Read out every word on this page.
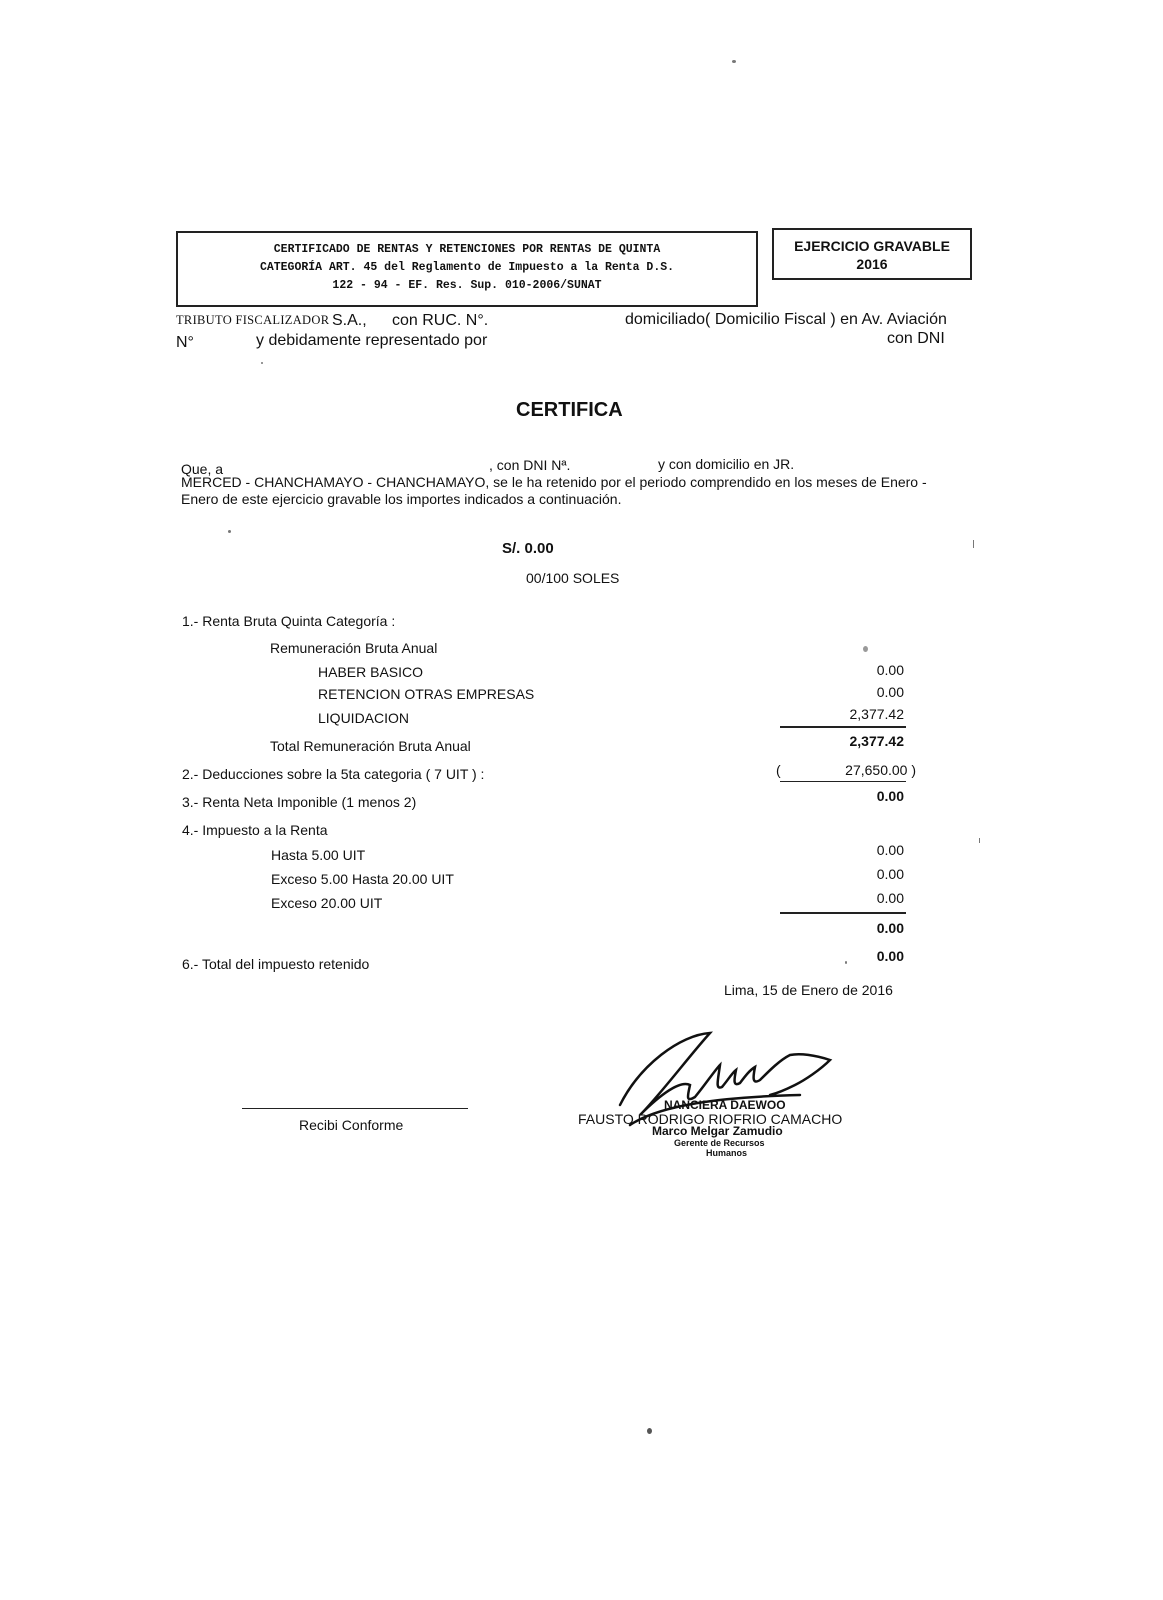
CERTIFICADO DE RENTAS Y RETENCIONES POR RENTAS DE QUINTA
CATEGORÍA ART. 45 del Reglamento de Impuesto a la Renta D.S.
122 - 94 - EF. Res. Sup. 010-2006/SUNAT
EJERCICIO GRAVABLE
2016
TRIBUTO FISCALIZADOR S.A., con RUC. N°.	domiciliado( Domicilio Fiscal ) en Av. Aviación
N°	y debidamente representado por	con DNI
CERTIFICA
Que, a	, con DNI Nª.	y con domicilio en JR.
MERCED - CHANCHAMAYO - CHANCHAMAYO, se le ha retenido por el periodo comprendido en los meses de Enero -
Enero de este ejercicio gravable los importes indicados a continuación.
S/. 0.00
00/100 SOLES
1.- Renta Bruta Quinta Categoría :
Remuneración Bruta Anual
HABER BASICO	0.00
RETENCION OTRAS EMPRESAS	0.00
LIQUIDACION	2,377.42
Total Remuneración Bruta Anual	2,377.42
2.- Deducciones sobre la 5ta categoria ( 7 UIT ) :	(	27,650.00 )
3.- Renta Neta Imponible (1 menos 2)	0.00
4.- Impuesto a la Renta
Hasta 5.00 UIT	0.00
Exceso 5.00 Hasta 20.00 UIT	0.00
Exceso 20.00 UIT	0.00
0.00
6.- Total del impuesto retenido	0.00
Lima, 15 de Enero de 2016
Recibi Conforme	FAUSTO RODRIGO RIOFRIO CAMACHO
NANCIERA DAEWOO
Marco Melgar Zamudio
Gerente de Recursos
Humanos
